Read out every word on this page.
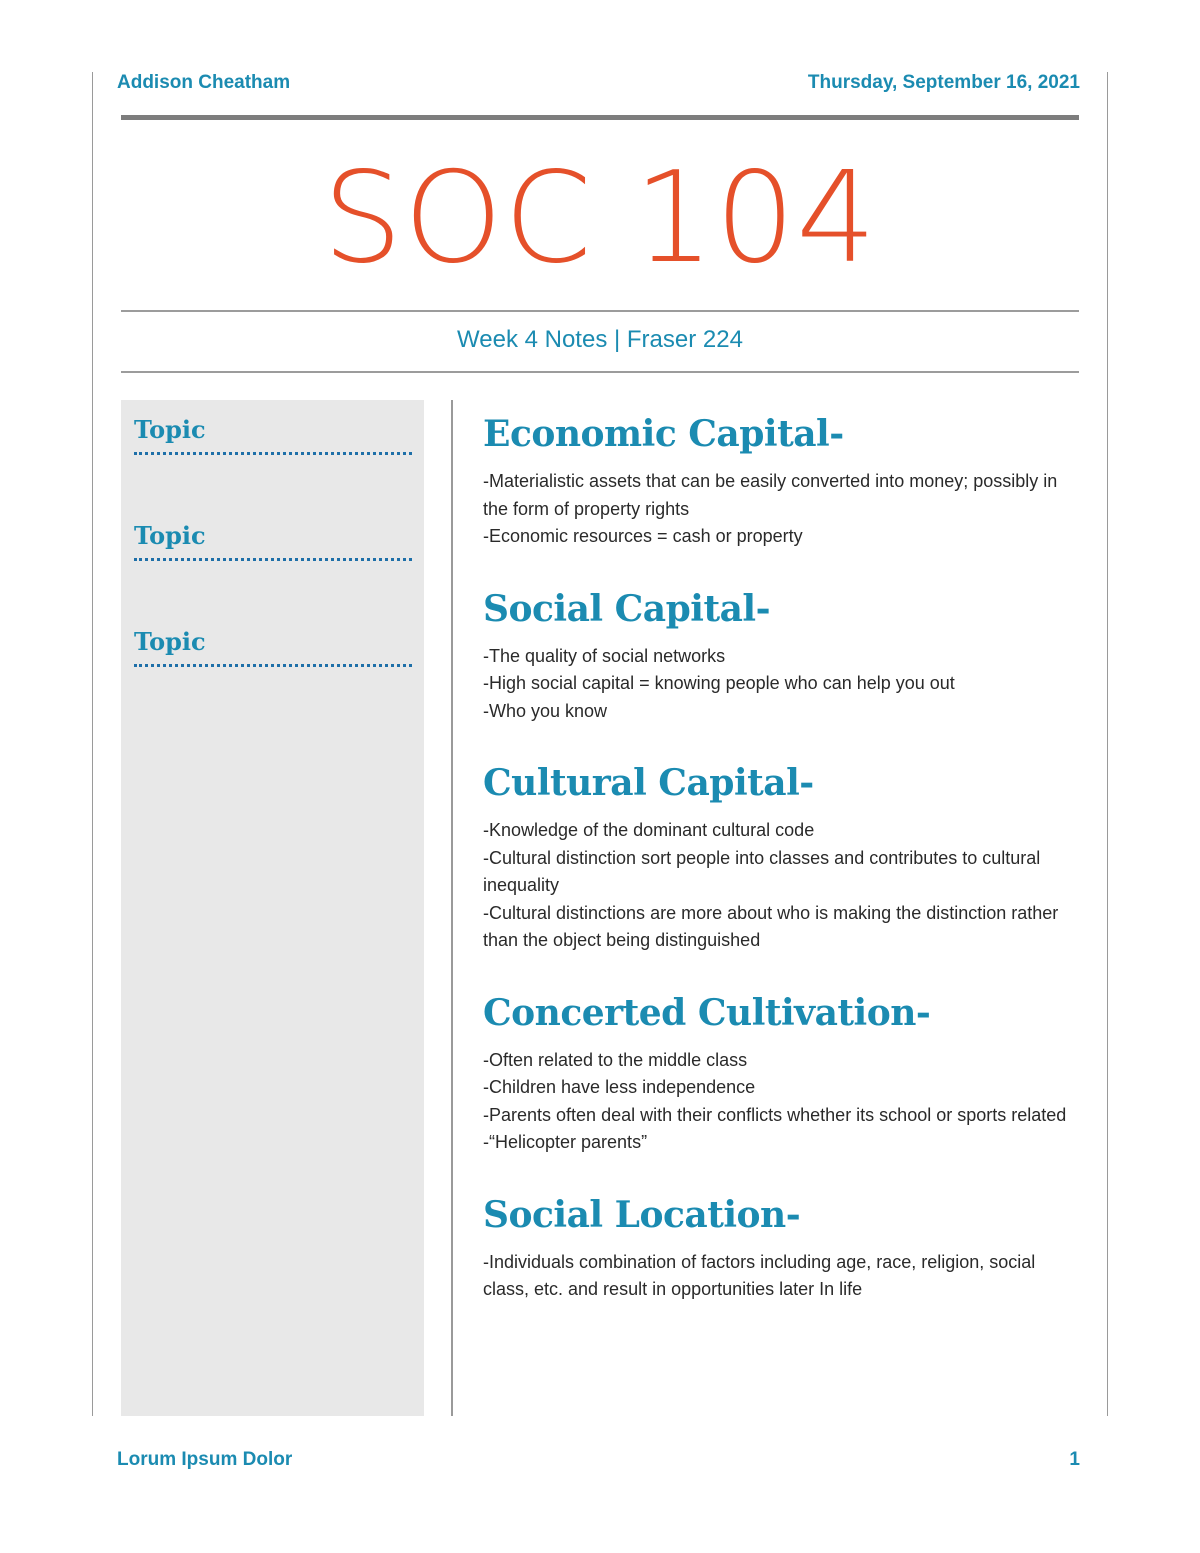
Addison Cheatham	Thursday, September 16, 2021
SOC 104
Week 4 Notes | Fraser 224
Topic
Topic
Topic
Economic Capital-

-Materialistic assets that can be easily converted into money; possibly in the form of property rights

-Economic resources = cash or property

Social Capital-

-The quality of social networks

-High social capital = knowing people who can help you out

-Who you know

Cultural Capital-

-Knowledge of the dominant cultural code

-Cultural distinction sort people into classes and contributes to cultural inequality

-Cultural distinctions are more about who is making the distinction rather than the object being distinguished

Concerted Cultivation-

-Often related to the middle class

-Children have less independence

-Parents often deal with their conflicts whether its school or sports related

-“Helicopter parents”

Social Location-

-Individuals combination of factors including age, race, religion, social class, etc. and result in opportunities later In life

Lorum Ipsum Dolor	1
